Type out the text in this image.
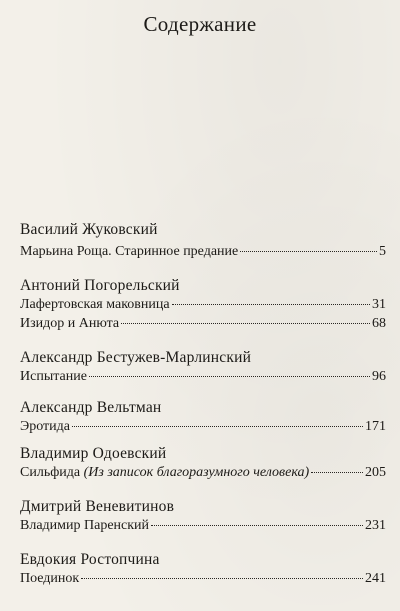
Содержание
Василий Жуковский
Марьина Роща. Старинное предание	5
Антоний Погорельский
Лафертовская маковница	31
Изидор и Анюта	68
Александр Бестужев-Марлинский
Испытание	96
Александр Вельтман
Эротида	171
Владимир Одоевский
Сильфида (Из записок благоразумного человека)	205
Дмитрий Веневитинов
Владимир Паренский	231
Евдокия Ростопчина
Поединок	241
